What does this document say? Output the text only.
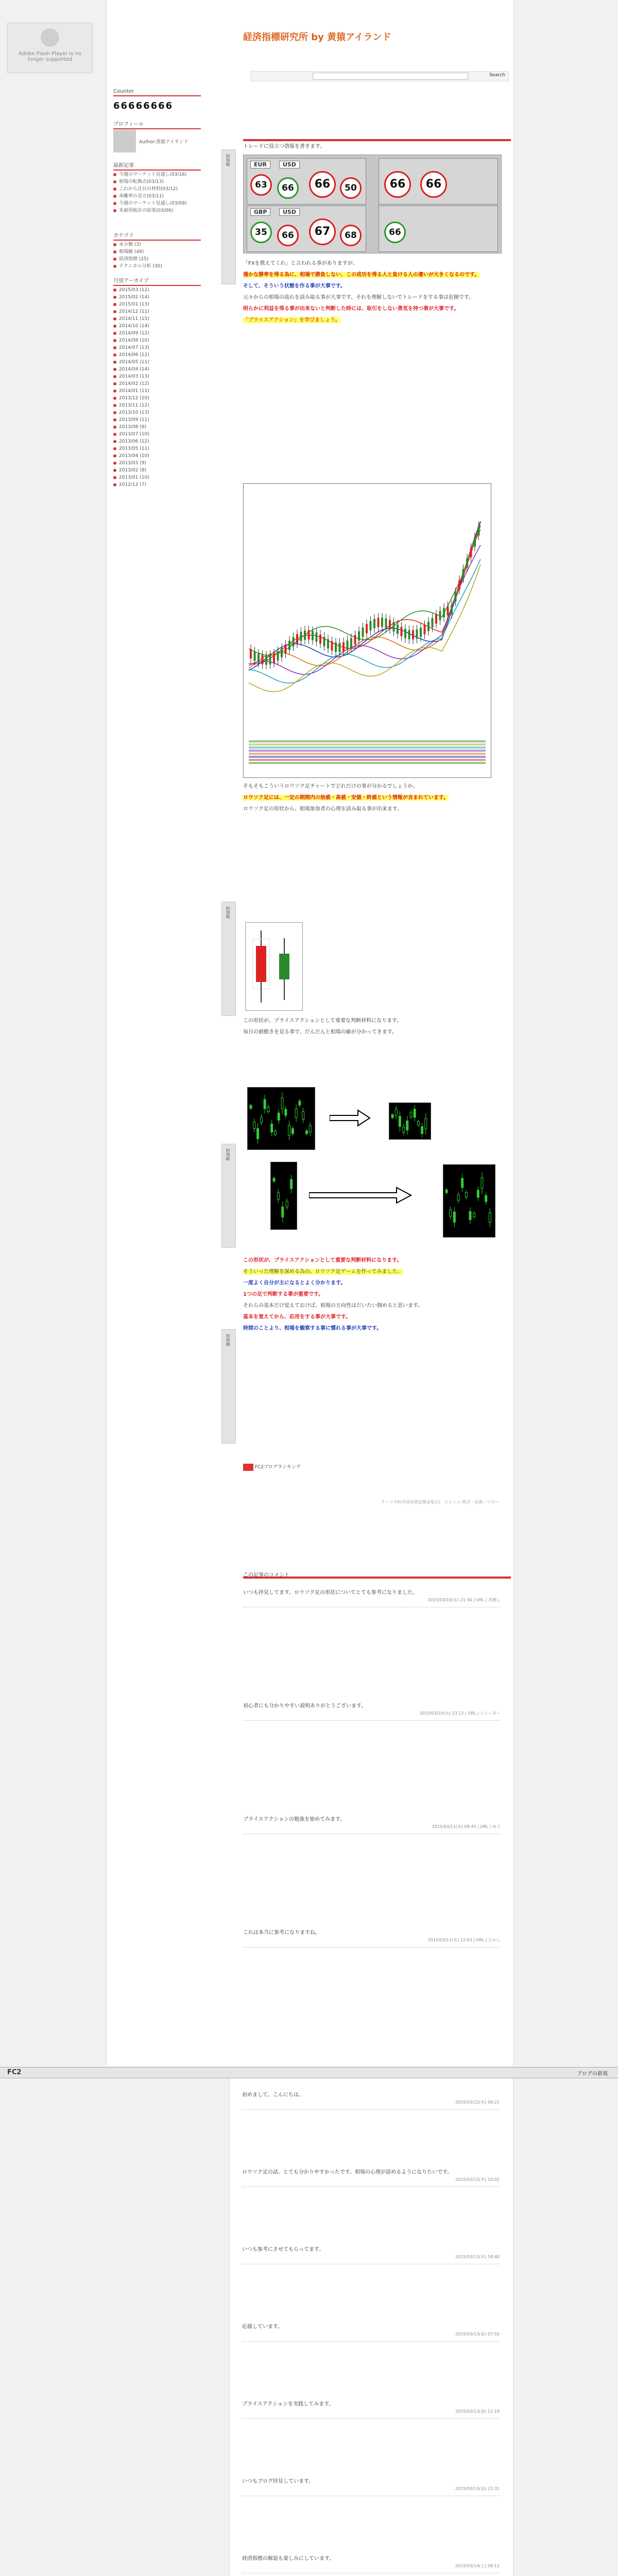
Adobe Flash Player is no longer supported
Counter
66666666
プロフィール
Author:黄猿アイランド
最新記事
今週のマーケット見通し(03/16)
相場の転換点(03/13)
これから注目の材料(03/12)
乖離率の見方(03/11)
今週のマーケット見通し(03/09)
米雇用統計の結果(03/06)
カテゴリ
未分類 (3)
相場観 (48)
経済指標 (25)
テクニカル分析 (30)
月別アーカイブ
2015/03 (12)
2015/02 (14)
2015/01 (13)
2014/12 (11)
2014/11 (15)
2014/10 (14)
2014/09 (12)
2014/08 (10)
2014/07 (13)
2014/06 (12)
2014/05 (11)
2014/04 (14)
2014/03 (13)
2014/02 (12)
2014/01 (11)
2013/12 (10)
2013/11 (12)
2013/10 (13)
2013/09 (11)
2013/08 (9)
2013/07 (10)
2013/06 (12)
2013/05 (11)
2013/04 (10)
2013/03 (9)
2013/02 (8)
2013/01 (10)
2012/12 (7)
経済指標研究所 by 黄猿アイランド
Search
相場観

トレードに役立つ情報を書きます。

EUR	USD
63	66	66	50	66	66
GBP	USD
35	66	67	68	66

「FXを教えてくれ」と言われる事がありますが、

僅かな勝率を得る為に、相場で勝負しない、この成功を得る人と負ける人の違いが大きくなるのです。

そして、そういう状態を作る事が大事です。

元々からの相場の流れを読み取る事が大事です。それを理解しないでトレードをする事は危険です。

明らかに利益を得る事が出来ないと判断した時には、取引をしない勇気を持つ事が大事です。

「プライスアクション」を学びましょう。

そもそもこういうロウソク足チャートでどれだけの事が分かるでしょうか。

ロウソク足には、一定の期間内の始値・高値・安値・終値という情報が含まれています。

ロウソク足の形状から、相場参加者の心理を読み取る事が出来ます。

相場観

この形状が、プライスアクションとして重要な判断材料になります。

毎日の値動きを見る事で、だんだんと相場の癖が分かってきます。

相場観

この形状が、プライスアクションとして重要な判断材料になります。

そういった理解を深める為の、ロウソク足ゲームを作ってみました。

一度よく自分が主になるとよく分かります。

1つの足で判断する事が重要です。

それらの基本だけ覚えておけば、相場の方向性はだいたい掴めると思います。

基本を覚えてから、応用をする事が大事です。

時間のことより、相場を観察する事に慣れる事が大事です。

相場観
FC2ブログランキング
テーマ:FX(外国為替証拠金取引)　ジャンル:株式・投資・マネー
この記事のコメント
いつも拝見してます。ロウソク足の形状についてとても参考になりました。
2015/03/10(火) 21:34 | URL | 名無し
初心者にも分かりやすい説明ありがとうございます。
2015/03/10(火) 23:12 | URL | トレーダー
プライスアクションの勉強を始めてみます。
2015/03/11(水) 08:45 | URL | ゆう
これは本当に参考になりますね。
2015/03/11(水) 12:03 | URL | たかし
FC2	ブログの新規
初めまして、こんにちは。
2015/03/12(木) 09:21
ロウソク足の話、とても分かりやすかったです。相場の心理が読めるようになりたいです。
2015/03/12(木) 10:02
いつも参考にさせてもらってます。
2015/03/12(木) 18:40
応援しています。
2015/03/13(金) 07:55
プライスアクションを実践してみます。
2015/03/13(金) 12:19
いつもブログ拝見しています。
2015/03/13(金) 22:31
経済指標の解説も楽しみにしています。
2015/03/14(土) 09:13
